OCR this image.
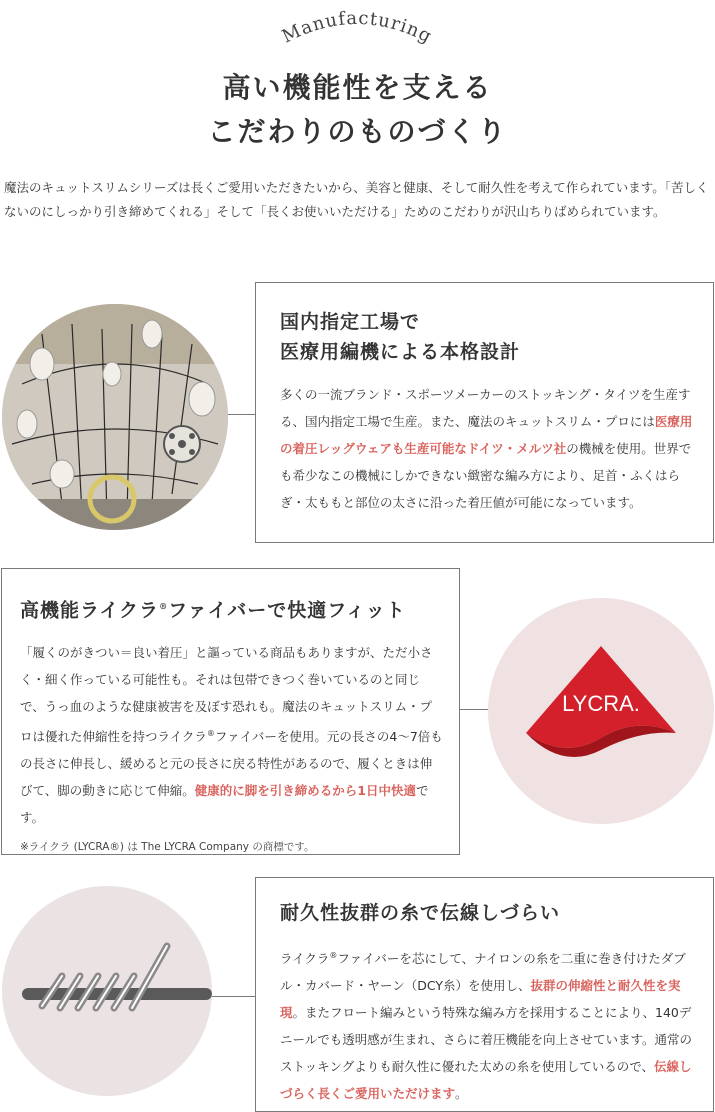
Manufacturing
高い機能性を支える
こだわりのものづくり

魔法のキュットスリムシリーズは長くご愛用いただきたいから、美容と健康、そして耐久性を考えて作られています。「苦しくないのにしっかり引き締めてくれる」そして「長くお使いいただける」ためのこだわりが沢山ちりばめられています。

国内指定工場で
医療用編機による本格設計

多くの一流ブランド・スポーツメーカーのストッキング・タイツを生産する、国内指定工場で生産。また、魔法のキュットスリム・プロには医療用の着圧レッグウェアも生産可能なドイツ・メルツ社の機械を使用。世界でも希少なこの機械にしかできない緻密な編み方により、足首・ふくはらぎ・太ももと部位の太さに沿った着圧値が可能になっています。

高機能ライクラ®ファイバーで快適フィット

「履くのがきつい＝良い着圧」と謳っている商品もありますが、ただ小さく・細く作っている可能性も。それは包帯できつく巻いているのと同じで、うっ血のような健康被害を及ぼす恐れも。魔法のキュットスリム・プロは優れた伸縮性を持つライクラ®ファイバーを使用。元の長さの4〜7倍もの長さに伸長し、緩めると元の長さに戻る特性があるので、履くときは伸びて、脚の動きに応じて伸縮。健康的に脚を引き締めるから1日中快適です。

※ライクラ (LYCRA®) は The LYCRA Company の商標です。

LYCRA.
耐久性抜群の糸で伝線しづらい

ライクラ®ファイバーを芯にして、ナイロンの糸を二重に巻き付けたダブル・カバード・ヤーン（DCY糸）を使用し、抜群の伸縮性と耐久性を実現。またフロート編みという特殊な編み方を採用することにより、140デニールでも透明感が生まれ、さらに着圧機能を向上させています。通常のストッキングよりも耐久性に優れた太めの糸を使用しているので、伝線しづらく長くご愛用いただけます。
